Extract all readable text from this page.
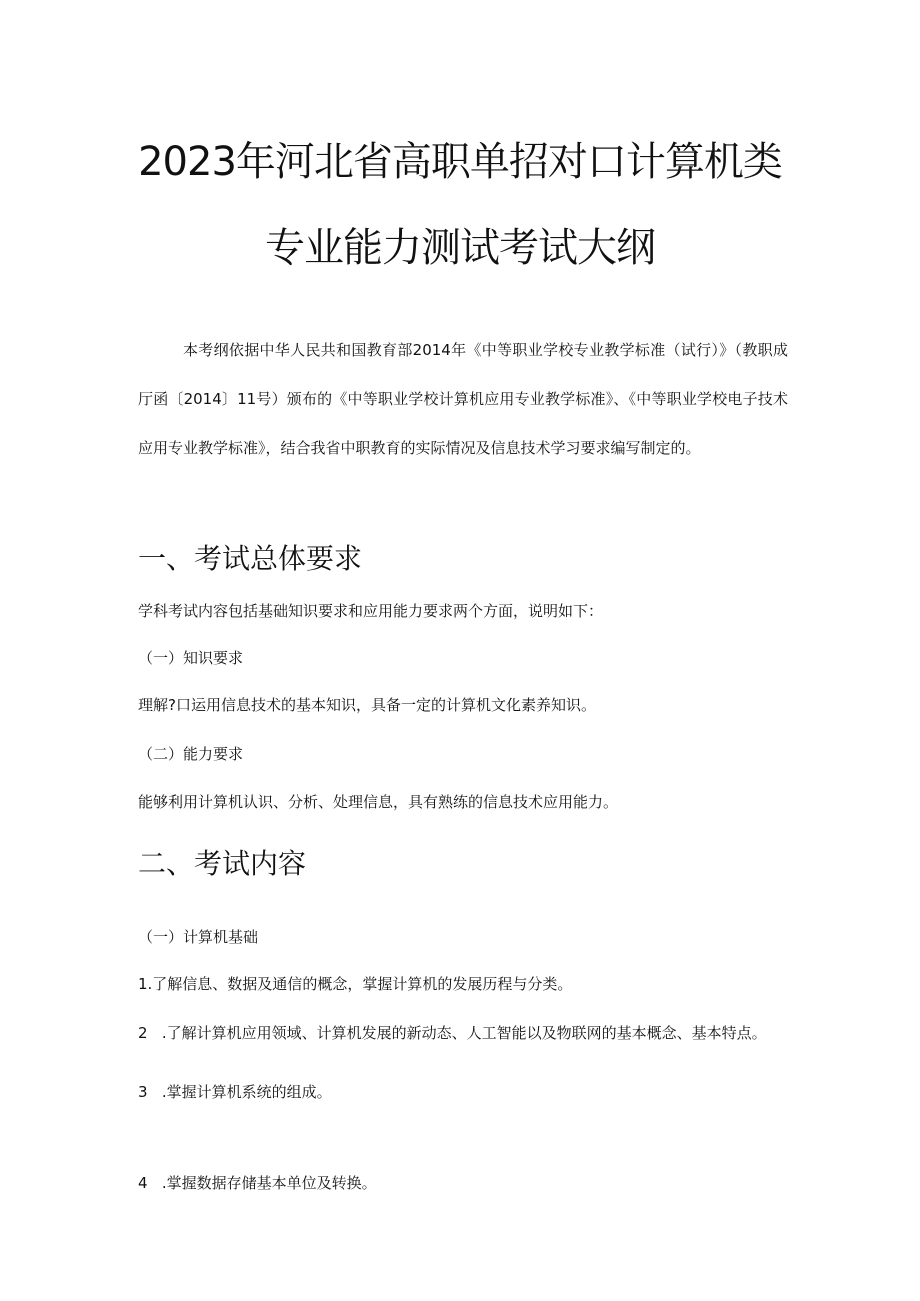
2023年河北省高职单招对口计算机类
专业能力测试考试大纲

本考纲依据中华人民共和国教育部2014年《中等职业学校专业教学标准（试行）》（教职成厅函〔2014〕11号）颁布的《中等职业学校计算机应用专业教学标准》、《中等职业学校电子技术应用专业教学标准》，结合我省中职教育的实际情况及信息技术学习要求编写制定的。

一、考试总体要求
学科考试内容包括基础知识要求和应用能力要求两个方面，说明如下：
（一）知识要求
理解?口运用信息技术的基本知识，具备一定的计算机文化素养知识。
（二）能力要求
能够利用计算机认识、分析、处理信息，具有熟练的信息技术应用能力。
二、考试内容
（一）计算机基础
1.了解信息、数据及通信的概念，掌握计算机的发展历程与分类。
2   .了解计算机应用领域、计算机发展的新动态、人工智能以及物联网的基本概念、基本特点。
3   .掌握计算机系统的组成。
4   .掌握数据存储基本单位及转换。
